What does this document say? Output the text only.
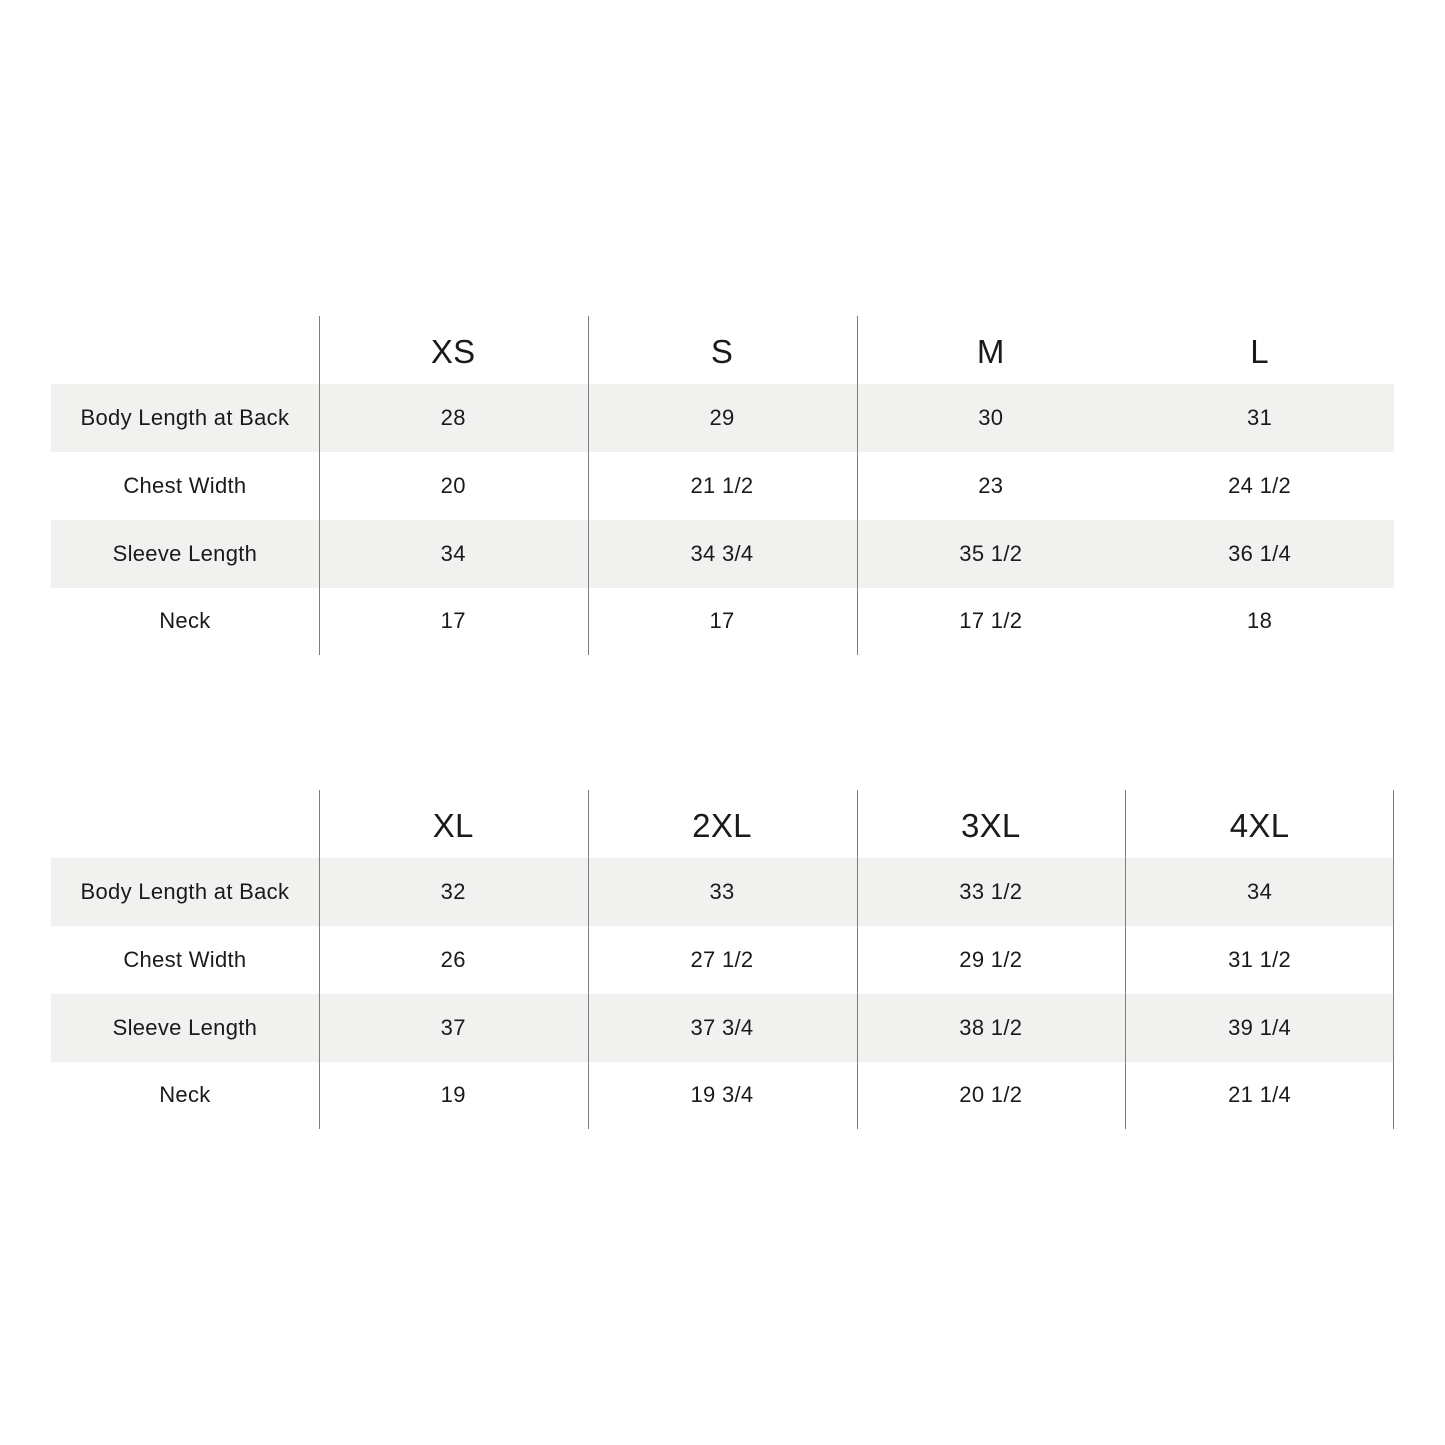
XS	S	M	L
Body Length at Back	28	29	30	31
Chest Width	20	21 1/2	23	24 1/2
Sleeve Length	34	34 3/4	35 1/2	36 1/4
Neck	17	17	17 1/2	18
XL	2XL	3XL	4XL
Body Length at Back	32	33	33 1/2	34
Chest Width	26	27 1/2	29 1/2	31 1/2
Sleeve Length	37	37 3/4	38 1/2	39 1/4
Neck	19	19 3/4	20 1/2	21 1/4
